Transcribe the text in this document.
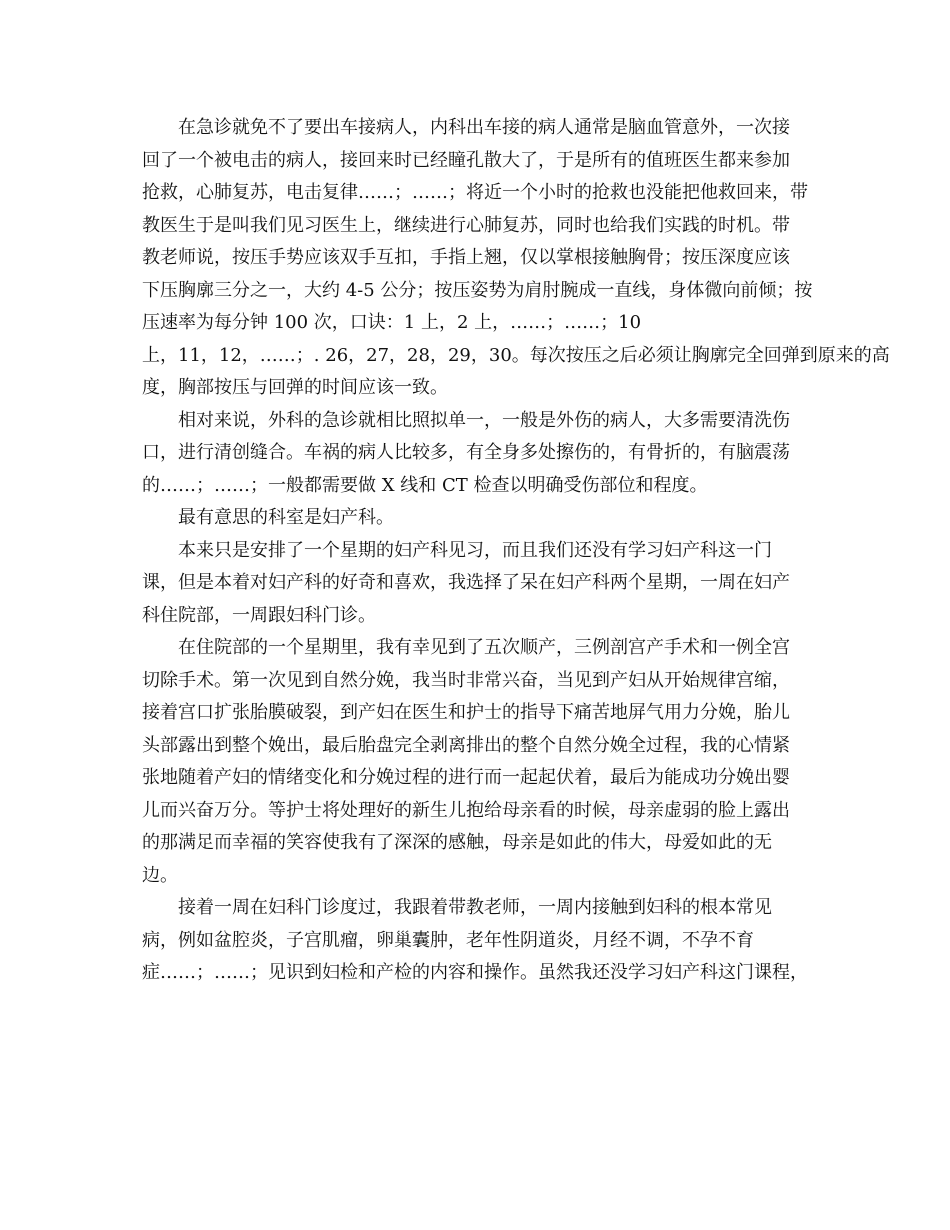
在急诊就免不了要出车接病人，内科出车接的病人通常是脑血管意外，一次接
回了一个被电击的病人，接回来时已经瞳孔散大了，于是所有的值班医生都来参加
抢救，心肺复苏，电击复律……；……；将近一个小时的抢救也没能把他救回来，带
教医生于是叫我们见习医生上，继续进行心肺复苏，同时也给我们实践的时机。带
教老师说，按压手势应该双手互扣，手指上翘，仅以掌根接触胸骨；按压深度应该
下压胸廓三分之一，大约 4-5 公分；按压姿势为肩肘腕成一直线，身体微向前倾；按
压速率为每分钟 100 次，口诀：1 上，2 上，……；……；10
上，11，12，……；. 26，27，28，29，30。每次按压之后必须让胸廓完全回弹到原来的高
度，胸部按压与回弹的时间应该一致。
相对来说，外科的急诊就相比照拟单一，一般是外伤的病人，大多需要清洗伤
口，进行清创缝合。车祸的病人比较多，有全身多处擦伤的，有骨折的，有脑震荡
的……；……；一般都需要做 X 线和 CT 检查以明确受伤部位和程度。
最有意思的科室是妇产科。
本来只是安排了一个星期的妇产科见习，而且我们还没有学习妇产科这一门
课，但是本着对妇产科的好奇和喜欢，我选择了呆在妇产科两个星期，一周在妇产
科住院部，一周跟妇科门诊。
在住院部的一个星期里，我有幸见到了五次顺产，三例剖宫产手术和一例全宫
切除手术。第一次见到自然分娩，我当时非常兴奋，当见到产妇从开始规律宫缩，
接着宫口扩张胎膜破裂，到产妇在医生和护士的指导下痛苦地屏气用力分娩，胎儿
头部露出到整个娩出，最后胎盘完全剥离排出的整个自然分娩全过程，我的心情紧
张地随着产妇的情绪变化和分娩过程的进行而一起起伏着，最后为能成功分娩出婴
儿而兴奋万分。等护士将处理好的新生儿抱给母亲看的时候，母亲虚弱的脸上露出
的那满足而幸福的笑容使我有了深深的感触，母亲是如此的伟大，母爱如此的无
边。
接着一周在妇科门诊度过，我跟着带教老师，一周内接触到妇科的根本常见
病，例如盆腔炎，子宫肌瘤，卵巢囊肿，老年性阴道炎，月经不调，不孕不育
症……；……；见识到妇检和产检的内容和操作。虽然我还没学习妇产科这门课程，
